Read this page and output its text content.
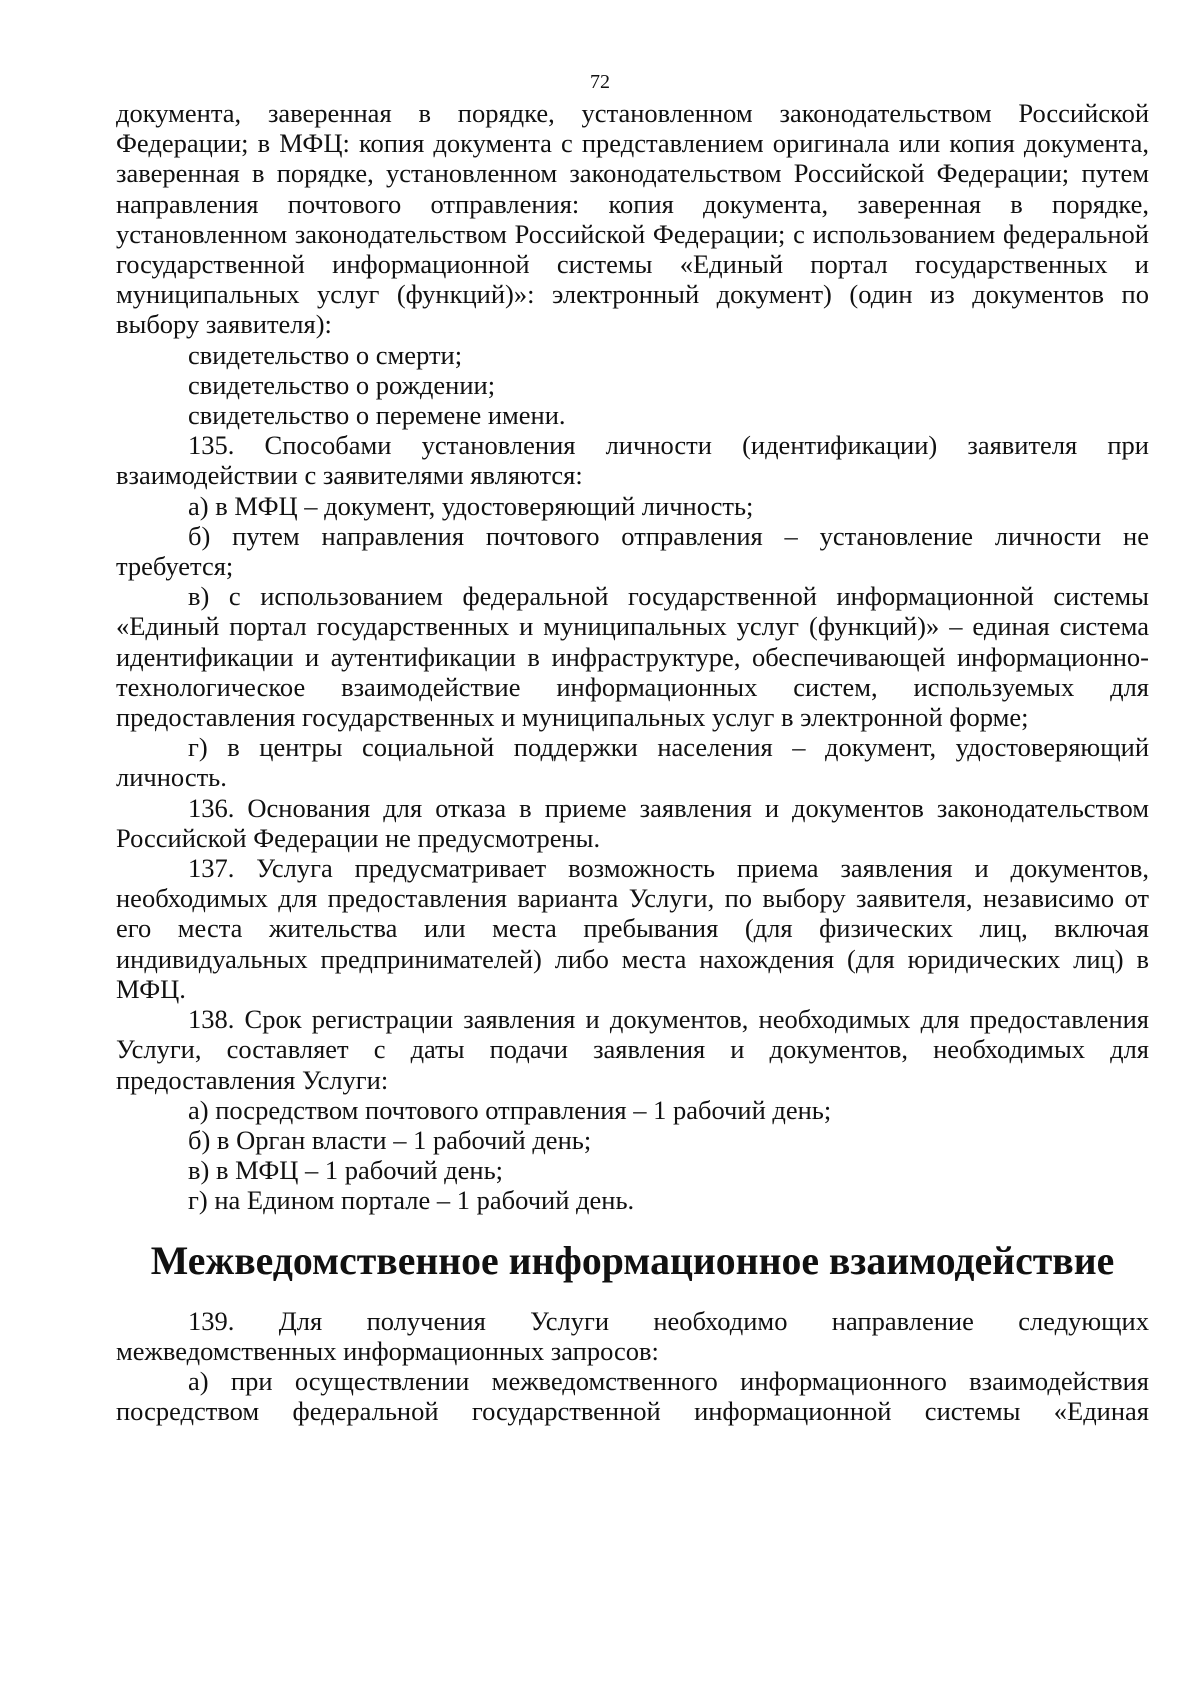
72

документа, заверенная в порядке, установленном законодательством Российской Федерации; в МФЦ: копия документа с представлением оригинала или копия документа, заверенная в порядке, установленном законодательством Российской Федерации; путем направления почтового отправления: копия документа, заверенная в порядке, установленном законодательством Российской Федерации; с использованием федеральной государственной информационной системы «Единый портал государственных и муниципальных услуг (функций)»: электронный документ) (один из документов по выбору заявителя):

свидетельство о смерти;

свидетельство о рождении;

свидетельство о перемене имени.

135. Способами установления личности (идентификации) заявителя при взаимодействии с заявителями являются:

а) в МФЦ – документ, удостоверяющий личность;

б) путем направления почтового отправления – установление личности не требуется;

в) с использованием федеральной государственной информационной системы «Единый портал государственных и муниципальных услуг (функций)» – единая система идентификации и аутентификации в инфраструктуре, обеспечивающей информационно-технологическое взаимодействие информационных систем, используемых для предоставления государственных и муниципальных услуг в электронной форме;

г) в центры социальной поддержки населения – документ, удостоверяющий личность.

136. Основания для отказа в приеме заявления и документов законодательством Российской Федерации не предусмотрены.

137. Услуга предусматривает возможность приема заявления и документов, необходимых для предоставления варианта Услуги, по выбору заявителя, независимо от его места жительства или места пребывания (для физических лиц, включая индивидуальных предпринимателей) либо места нахождения (для юридических лиц) в МФЦ.

138. Срок регистрации заявления и документов, необходимых для предоставления Услуги, составляет с даты подачи заявления и документов, необходимых для предоставления Услуги:

а) посредством почтового отправления – 1 рабочий день;

б) в Орган власти – 1 рабочий день;

в) в МФЦ – 1 рабочий день;

г) на Едином портале – 1 рабочий день.

Межведомственное информационное взаимодействие

139. Для получения Услуги необходимо направление следующих межведомственных информационных запросов:

а) при осуществлении межведомственного информационного взаимодействия посредством федеральной государственной информационной системы «Единая
